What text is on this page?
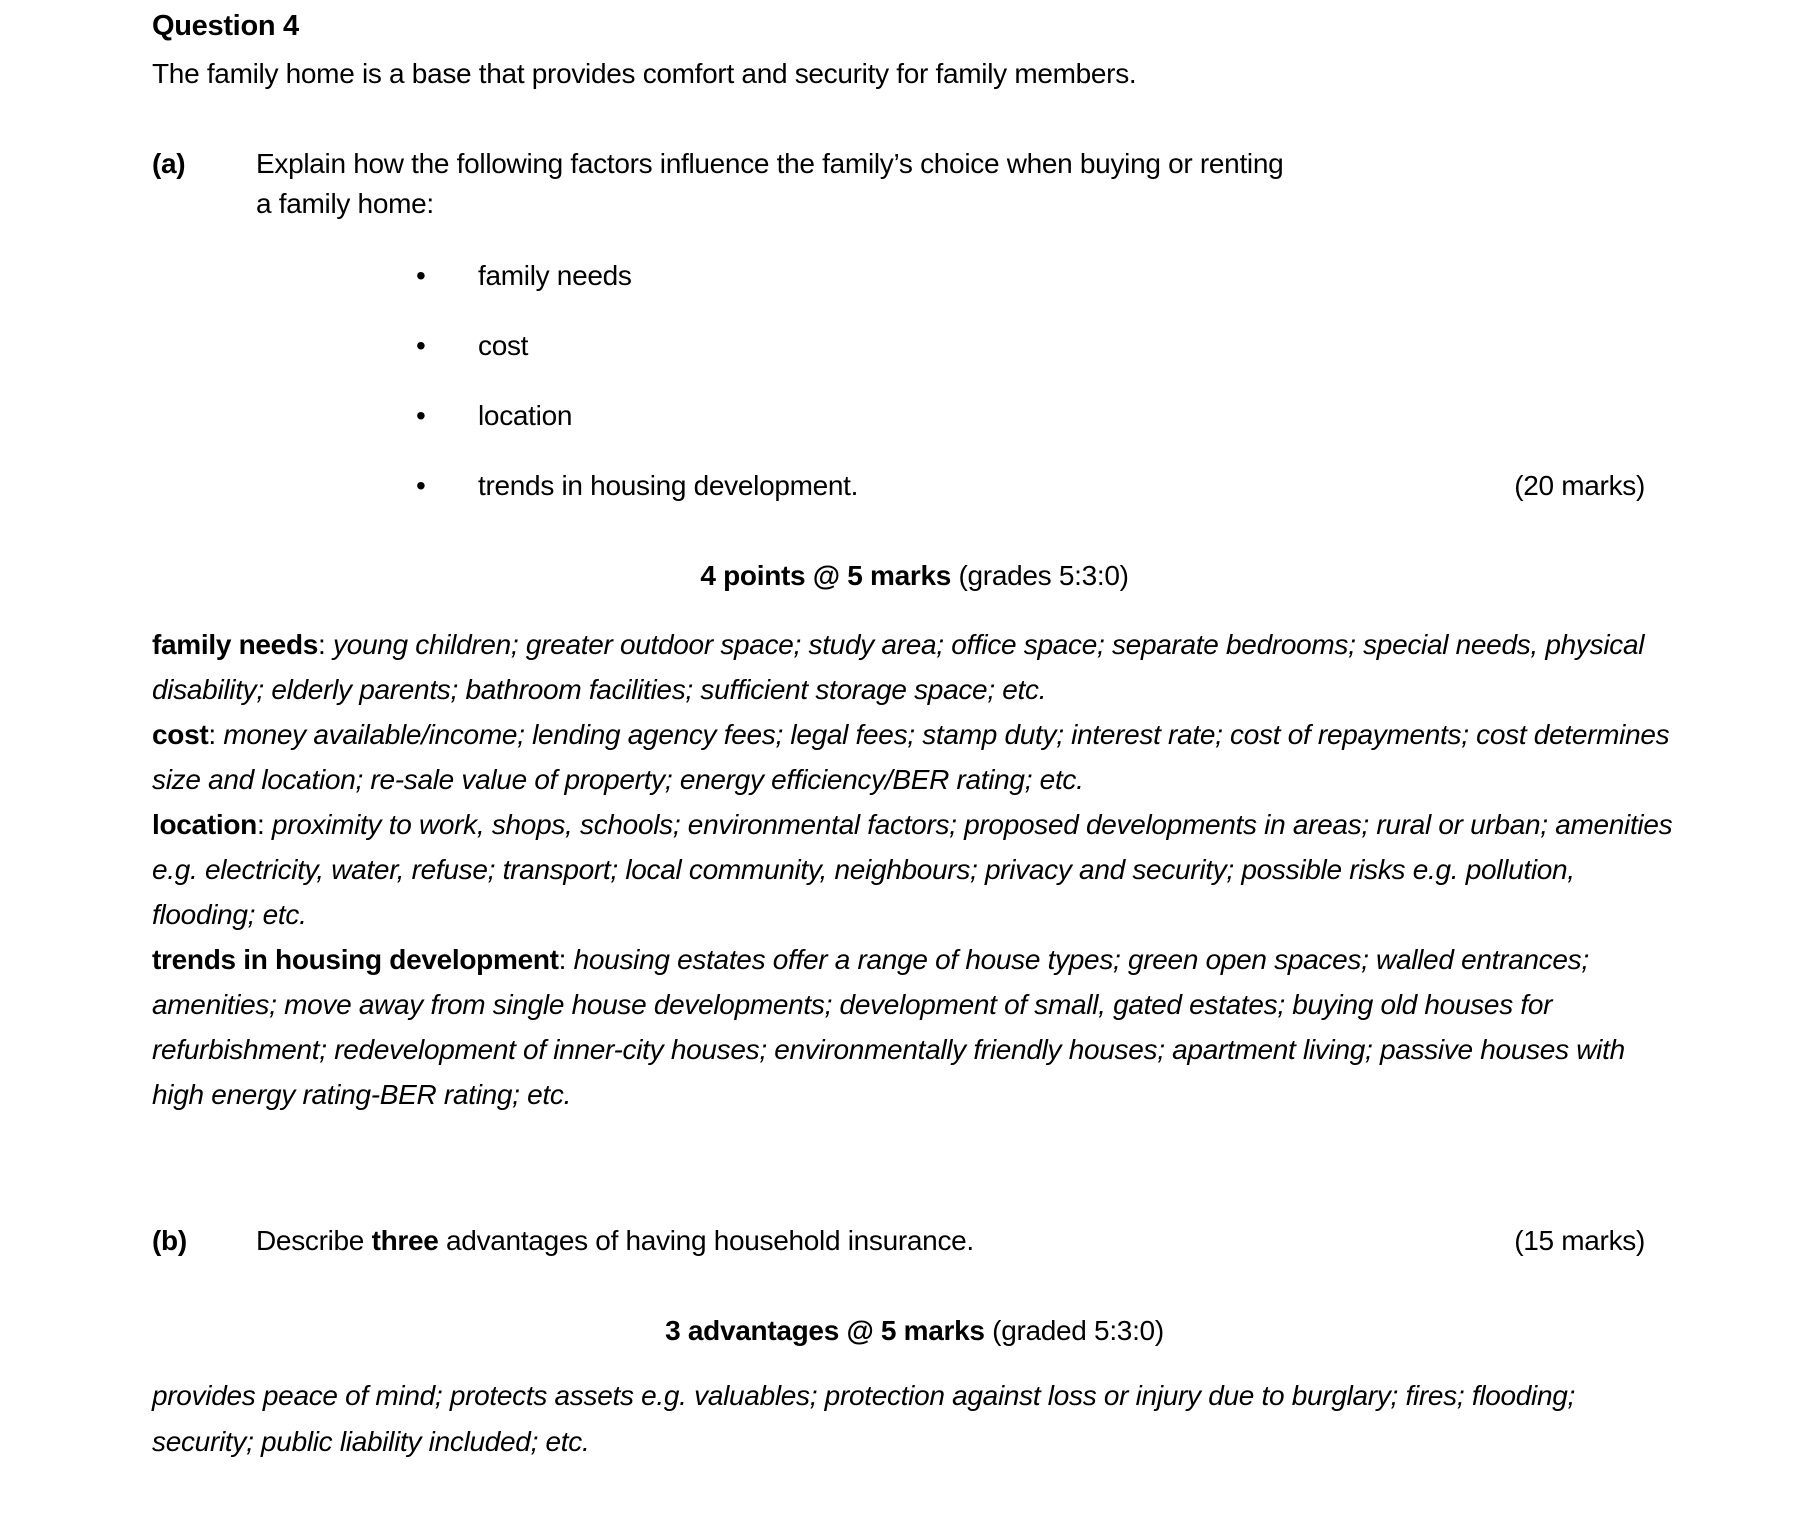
Question 4

The family home is a base that provides comfort and security for family members.

(a)	Explain how the following factors influence the family’s choice when buying or renting
a family home:
• family needs
• cost
• location
• trends in housing development.	(20 marks)

4 points @ 5 marks (grades 5:3:0)

family needs: young children; greater outdoor space; study area; office space; separate bedrooms; special needs, physical disability; elderly parents; bathroom facilities; sufficient storage space; etc.

cost: money available/income; lending agency fees; legal fees; stamp duty; interest rate; cost of repayments; cost determines size and location; re-sale value of property; energy efficiency/BER rating; etc.

location: proximity to work, shops, schools; environmental factors; proposed developments in areas; rural or urban; amenities e.g. electricity, water, refuse; transport; local community, neighbours; privacy and security; possible risks e.g. pollution, flooding; etc.

trends in housing development: housing estates offer a range of house types; green open spaces; walled entrances; amenities; move away from single house developments; development of small, gated estates; buying old houses for refurbishment; redevelopment of inner-city houses; environmentally friendly houses; apartment living; passive houses with high energy rating-BER rating; etc.

(b)	Describe three advantages of having household insurance.	(15 marks)

3 advantages @ 5 marks (graded 5:3:0)

provides peace of mind; protects assets e.g. valuables; protection against loss or injury due to burglary; fires; flooding; security; public liability included; etc.
